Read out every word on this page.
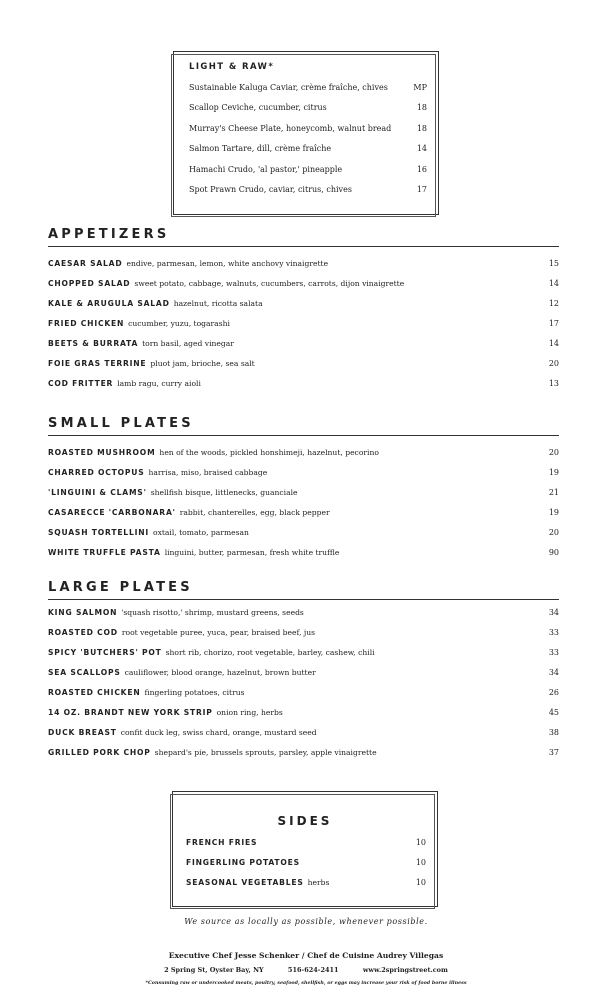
LIGHT & RAW*
Sustainable Kaluga Caviar, crème fraîche, chives	MP
Scallop Ceviche, cucumber, citrus	18
Murray's Cheese Plate, honeycomb, walnut bread	18
Salmon Tartare, dill, crème fraîche	14
Hamachi Crudo, 'al pastor,' pineapple	16
Spot Prawn Crudo, caviar, citrus, chives	17
APPETIZERS
CAESAR SALAD endive, parmesan, lemon, white anchovy vinaigrette	15
CHOPPED SALAD sweet potato, cabbage, walnuts, cucumbers, carrots, dijon vinaigrette	14
KALE & ARUGULA SALAD hazelnut, ricotta salata	12
FRIED CHICKEN cucumber, yuzu, togarashi	17
BEETS & BURRATA torn basil, aged vinegar	14
FOIE GRAS TERRINE pluot jam, brioche, sea salt	20
COD FRITTER lamb ragu, curry aioli	13
SMALL PLATES
ROASTED MUSHROOM hen of the woods, pickled honshimeji, hazelnut, pecorino	20
CHARRED OCTOPUS harrisa, miso, braised cabbage	19
'LINGUINI & CLAMS' shellfish bisque, littlenecks, guanciale	21
CASARECCE 'CARBONARA' rabbit, chanterelles, egg, black pepper	19
SQUASH TORTELLINI oxtail, tomato, parmesan	20
WHITE TRUFFLE PASTA linguini, butter, parmesan, fresh white truffle	90
LARGE PLATES
KING SALMON 'squash risotto,' shrimp, mustard greens, seeds	34
ROASTED COD root vegetable puree, yuca, pear, braised beef, jus	33
SPICY 'BUTCHERS' POT short rib, chorizo, root vegetable, barley, cashew, chili	33
SEA SCALLOPS cauliflower, blood orange, hazelnut, brown butter	34
ROASTED CHICKEN fingerling potatoes, citrus	26
14 OZ. BRANDT NEW YORK STRIP onion ring, herbs	45
DUCK BREAST confit duck leg, swiss chard, orange, mustard seed	38
GRILLED PORK CHOP shepard's pie, brussels sprouts, parsley, apple vinaigrette	37
SIDES
FRENCH FRIES	10
FINGERLING POTATOES	10
SEASONAL VEGETABLES herbs	10
We source as locally as possible, whenever possible.
Executive Chef Jesse Schenker / Chef de Cuisine Audrey Villegas
2 Spring St, Oyster Bay, NY	516-624-2411	www.2springstreet.com
*Consuming raw or undercooked meats, poultry, seafood, shellfish, or eggs may increase your risk of food borne illness
